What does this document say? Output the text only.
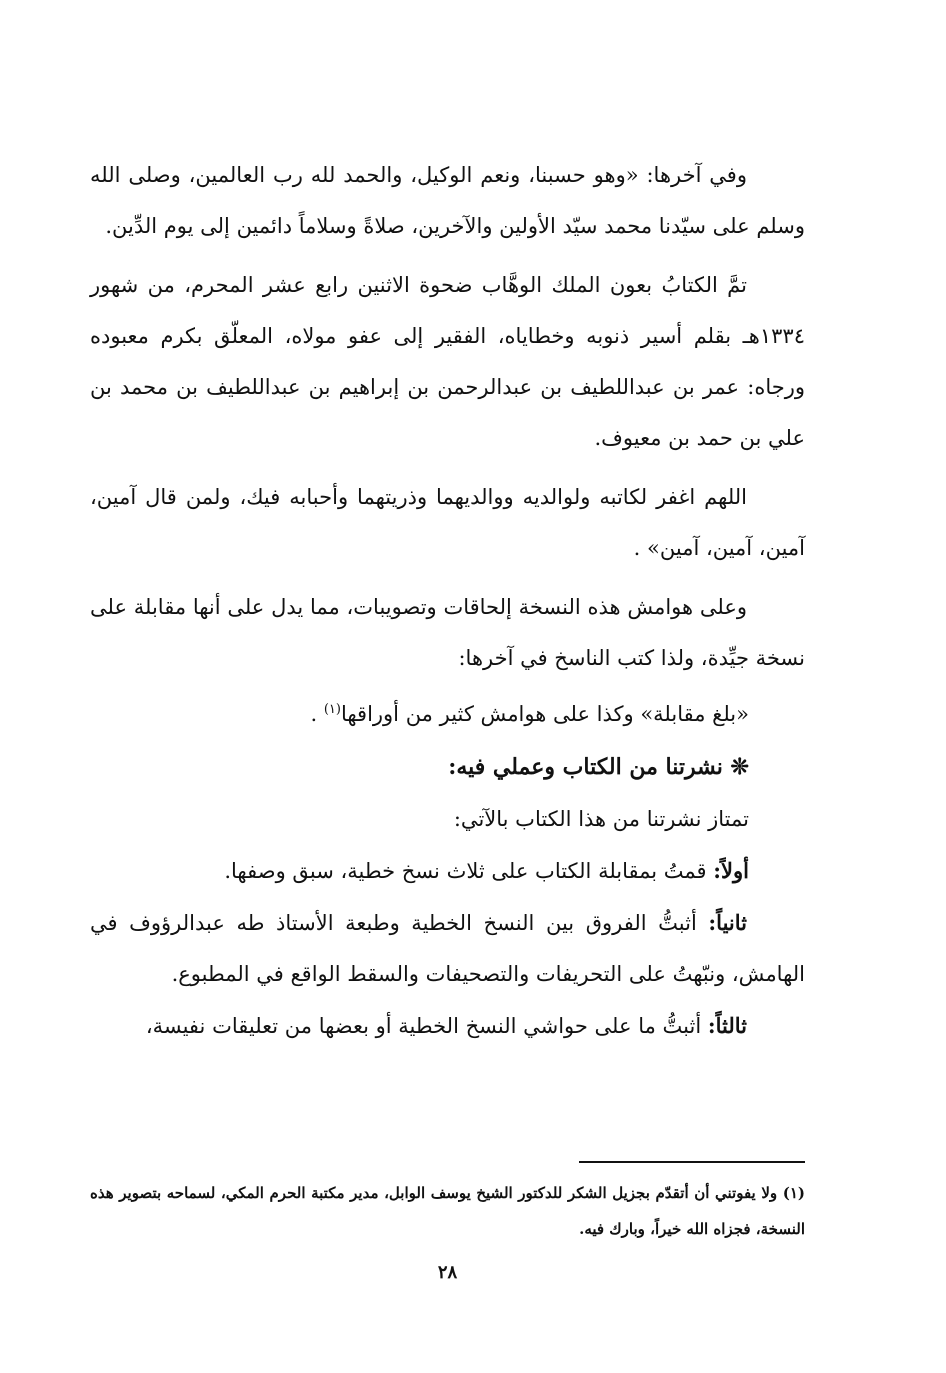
وفي آخرها: «وهو حسبنا، ونعم الوكيل، والحمد لله رب العالمين، وصلى الله وسلم على سيّدنا محمد سيّد الأولين والآخرين، صلاةً وسلاماً دائمين إلى يوم الدِّين.

تمَّ الكتابُ بعون الملك الوهَّاب ضحوة الاثنين رابع عشر المحرم، من شهور ١٣٣٤هـ بقلم أسير ذنوبه وخطاياه، الفقير إلى عفو مولاه، المعلّق بكرم معبوده ورجاه: عمر بن عبداللطيف بن عبدالرحمن بن إبراهيم بن عبداللطيف بن محمد بن علي بن حمد بن معيوف.

اللهم اغفر لكاتبه ولوالديه ووالديهما وذريتهما وأحبابه فيك، ولمن قال آمين، آمين، آمين، آمين» .

وعلى هوامش هذه النسخة إلحاقات وتصويبات، مما يدل على أنها مقابلة على نسخة جيِّدة، ولذا كتب الناسخ في آخرها:

«بلغ مقابلة» وكذا على هوامش كثير من أوراقها$^{(١)}$ .

❊ نشرتنا من الكتاب وعملي فيه:

تمتاز نشرتنا من هذا الكتاب بالآتي:

أولاً: قمتُ بمقابلة الكتاب على ثلاث نسخ خطية، سبق وصفها.

ثانياً: أثبتُّ الفروق بين النسخ الخطية وطبعة الأستاذ طه عبدالرؤوف في الهامش، ونبّهتُ على التحريفات والتصحيفات والسقط الواقع في المطبوع.

ثالثاً: أثبتُّ ما على حواشي النسخ الخطية أو بعضها من تعليقات نفيسة،

(١) ولا يفوتني أن أتقدّم بجزيل الشكر للدكتور الشيخ يوسف الوابل، مدير مكتبة الحرم المكي، لسماحه بتصوير هذه النسخة، فجزاه الله خيراً، وبارك فيه.
٢٨
